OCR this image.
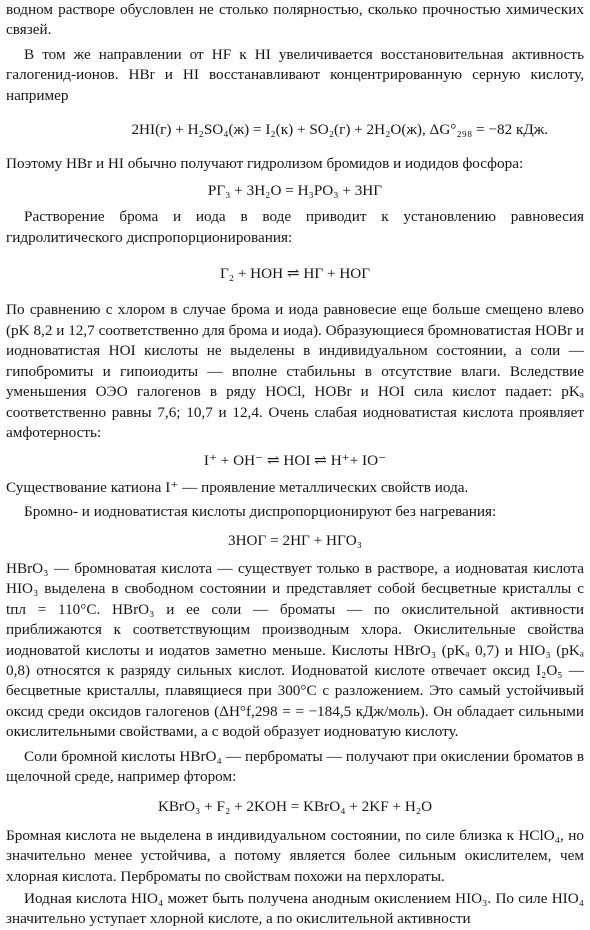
водном растворе обусловлен не столько полярностью, сколько прочностью химических связей.

В том же направлении от HF к HI увеличивается восстановительная активность галогенид-ионов. HBr и HI восстанавливают концентрированную серную кислоту, например

2HI(г) + H₂SO₄(ж) = I₂(к) + SO₂(г) + 2H₂O(ж), ΔG°₂₉₈ = −82 кДж.

Поэтому HBr и HI обычно получают гидролизом бромидов и иодидов фосфора:

PГ₃ + 3H₂O = H₃PO₃ + 3HГ

Растворение брома и иода в воде приводит к установлению равновесия гидролитического диспропорционирования:

Г₂ + HOH ⇌ HГ + HOГ

По сравнению с хлором в случае брома и иода равновесие еще больше смещено влево (pK 8,2 и 12,7 соответственно для брома и иода). Образующиеся бромноватистая HOBr и иодноватистая HOI кислоты не выделены в индивидуальном состоянии, а соли — гипобромиты и гипоиодиты — вполне стабильны в отсутствие влаги. Вследствие уменьшения ОЭО галогенов в ряду HOCl, HOBr и HOI сила кислот падает: pKₐ соответственно равны 7,6; 10,7 и 12,4. Очень слабая иодноватистая кислота проявляет амфотерность:

I⁺ + OH⁻ ⇌ HOI ⇌ H⁺+ IO⁻

Существование катиона I⁺ — проявление металлических свойств иода.

Бромно- и иодноватистая кислоты диспропорционируют без нагревания:

3HOГ = 2HГ + HГO₃

HBrO₃ — бромноватая кислота — существует только в растворе, а иодноватая кислота HIO₃ выделена в свободном состоянии и представляет собой бесцветные кристаллы с tпл = 110°C. HBrO₃ и ее соли — броматы — по окислительной активности приближаются к соответствующим производным хлора. Окислительные свойства иодноватой кислоты и иодатов заметно меньше. Кислоты HBrO₃ (pKₐ 0,7) и HIO₃ (pKₐ 0,8) относятся к разряду сильных кислот. Иодноватой кислоте отвечает оксид I₂O₅ — бесцветные кристаллы, плавящиеся при 300°C с разложением. Это самый устойчивый оксид среди оксидов галогенов (ΔH°f,298 = = −184,5 кДж/моль). Он обладает сильными окислительными свойствами, а с водой образует иодноватую кислоту.

Соли бромной кислоты HBrO₄ — перброматы — получают при окислении броматов в щелочной среде, например фтором:

KBrO₃ + F₂ + 2KOH = KBrO₄ + 2KF + H₂O

Бромная кислота не выделена в индивидуальном состоянии, по силе близка к HClO₄, но значительно менее устойчива, а потому является более сильным окислителем, чем хлорная кислота. Перброматы по свойствам похожи на перхлораты.

Иодная кислота HIO₄ может быть получена анодным окислением HIO₃. По силе HIO₄ значительно уступает хлорной кислоте, а по окислительной активности
